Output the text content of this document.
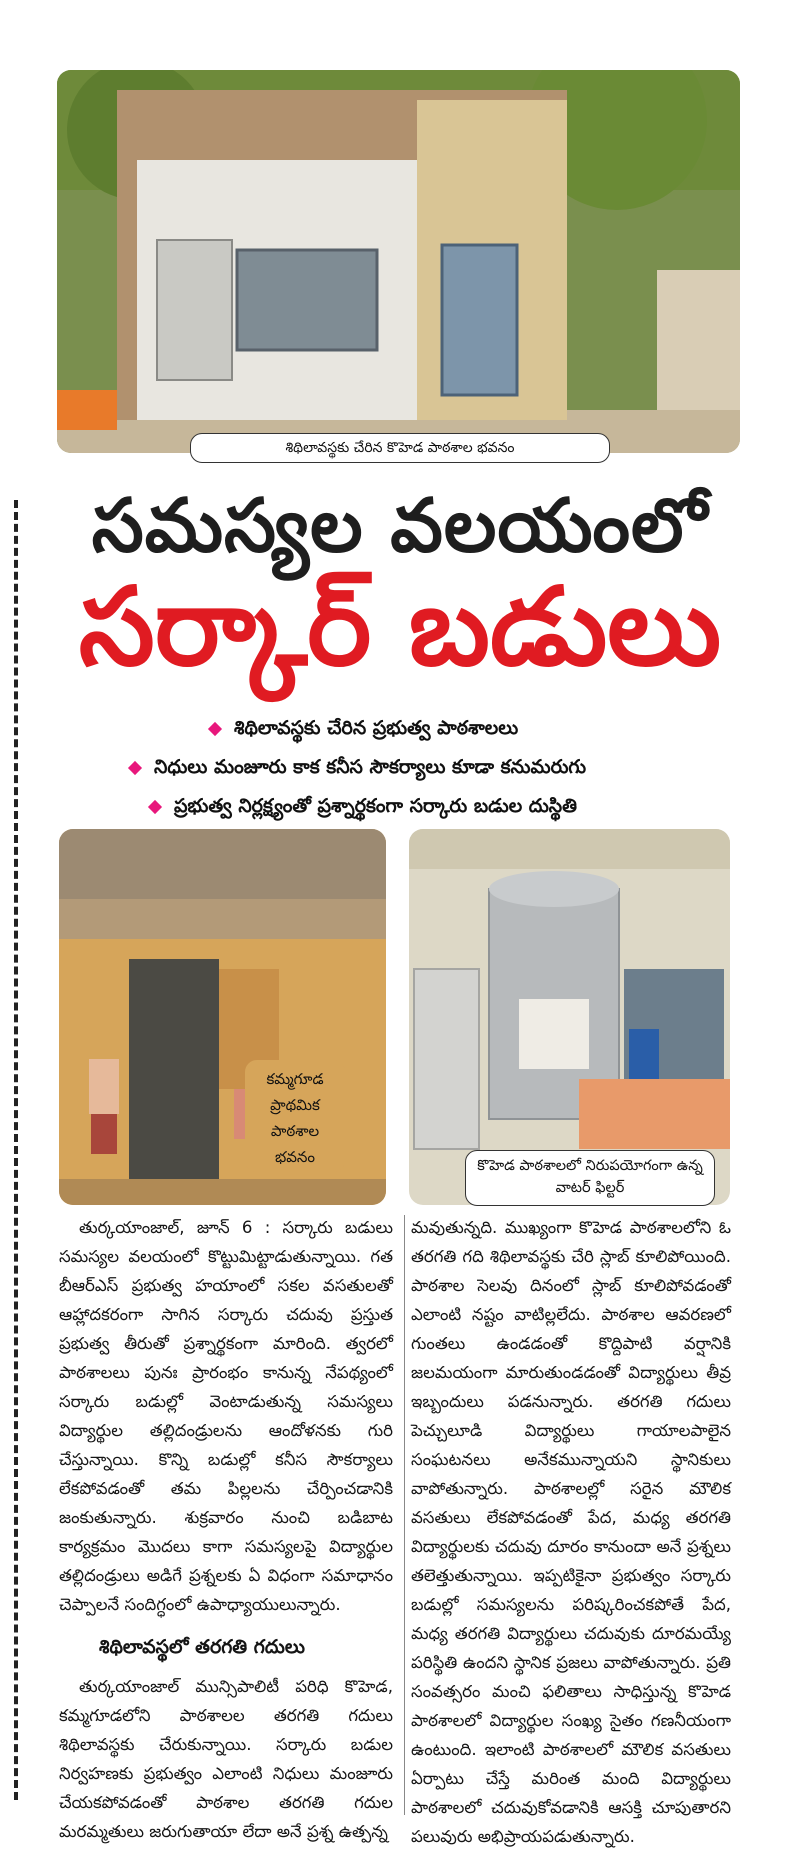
శిథిలావస్థకు చేరిన కొహెడ పాఠశాల భవనం
సమస్యల వలయంలో
సర్కార్ బడులు
శిథిలావస్థకు చేరిన ప్రభుత్వ పాఠశాలలు
నిధులు మంజూరు కాక కనీస సౌకర్యాలు కూడా కనుమరుగు
ప్రభుత్వ నిర్లక్ష్యంతో ప్రశ్నార్థకంగా సర్కారు బడుల దుస్థితి
కమ్మగూడ ప్రాథమిక పాఠశాల భవనం	కొహెడ పాఠశాలలో నిరుపయోగంగా ఉన్న వాటర్ ఫిల్టర్

తుర్కయాంజాల్, జూన్ 6 : సర్కారు బడులు సమస్యల వలయంలో కొట్టుమిట్టాడుతున్నాయి. గత బీఆర్ఎస్ ప్రభుత్వ హయాంలో సకల వసతులతో ఆహ్లాదకరంగా సాగిన సర్కారు చదువు ప్రస్తుత ప్రభుత్వ తీరుతో ప్రశ్నార్థకంగా మారింది. త్వరలో పాఠశాలలు పునః ప్రారంభం కానున్న నేపథ్యంలో సర్కారు బడుల్లో వెంటాడుతున్న సమస్యలు విద్యార్థుల తల్లిదండ్రులను ఆందోళనకు గురి చేస్తున్నాయి. కొన్ని బడుల్లో కనీస సౌకర్యాలు లేకపోవడంతో తమ పిల్లలను చేర్పించడానికి జంకుతున్నారు. శుక్రవారం నుంచి బడిబాట కార్యక్రమం మొదలు కాగా సమస్యలపై విద్యార్థుల తల్లిదండ్రులు అడిగే ప్రశ్నలకు ఏ విధంగా సమాధానం చెప్పాలనే సందిగ్ధంలో ఉపాధ్యాయులున్నారు.

శిథిలావస్థలో తరగతి గదులు

తుర్కయాంజాల్ మున్సిపాలిటీ పరిధి కొహెడ, కమ్మగూడలోని పాఠశాలల తరగతి గదులు శిథిలావస్థకు చేరుకున్నాయి. సర్కారు బడుల నిర్వహణకు ప్రభుత్వం ఎలాంటి నిధులు మంజూరు చేయకపోవడంతో పాఠశాల తరగతి గదుల మరమ్మతులు జరుగుతాయా లేదా అనే ప్రశ్న ఉత్పన్న

మవుతున్నది. ముఖ్యంగా కొహెడ పాఠశాలలోని ఓ తరగతి గది శిథిలావస్థకు చేరి స్లాబ్ కూలిపోయింది. పాఠశాల సెలవు దినంలో స్లాబ్ కూలిపోవడంతో ఎలాంటి నష్టం వాటిల్లలేదు. పాఠశాల ఆవరణలో గుంతలు ఉండడంతో కొద్దిపాటి వర్షానికి జలమయంగా మారుతుండడంతో విద్యార్థులు తీవ్ర ఇబ్బందులు పడనున్నారు. తరగతి గదులు పెచ్చులూడి విద్యార్థులు గాయాలపాలైన సంఘటనలు అనేకమున్నాయని స్థానికులు వాపోతున్నారు. పాఠశాలల్లో సరైన మౌలిక వసతులు లేకపోవడంతో పేద, మధ్య తరగతి విద్యార్థులకు చదువు దూరం కానుందా అనే ప్రశ్నలు తలెత్తుతున్నాయి. ఇప్పటికైనా ప్రభుత్వం సర్కారు బడుల్లో సమస్యలను పరిష్కరించకపోతే పేద, మధ్య తరగతి విద్యార్థులు చదువుకు దూరమయ్యే పరిస్థితి ఉందని స్థానిక ప్రజలు వాపోతున్నారు. ప్రతి సంవత్సరం మంచి ఫలితాలు సాధిస్తున్న కొహెడ పాఠశాలలో విద్యార్థుల సంఖ్య సైతం గణనీయంగా ఉంటుంది. ఇలాంటి పాఠశాలలో మౌలిక వసతులు ఏర్పాటు చేస్తే మరింత మంది విద్యార్థులు పాఠశాలలో చదువుకోవడానికి ఆసక్తి చూపుతారని పలువురు అభిప్రాయపడుతున్నారు.
